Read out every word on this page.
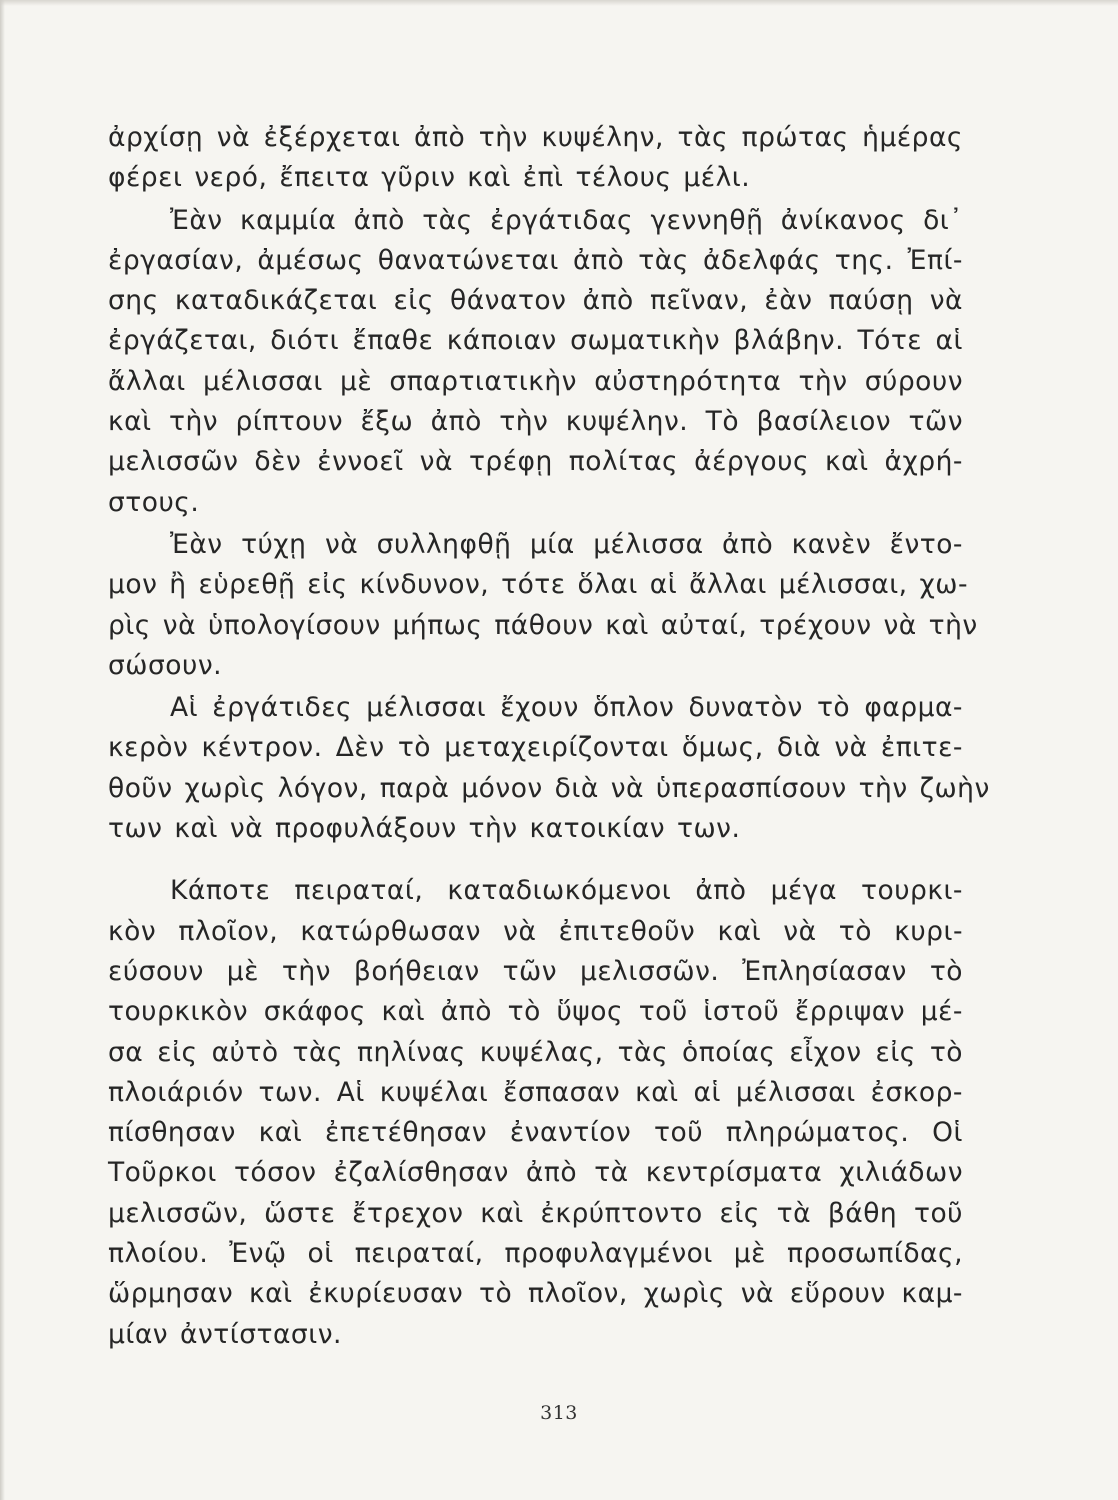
ἀρχίσῃ νὰ ἐξέρχεται ἀπὸ τὴν κυψέλην, τὰς πρώτας ἡμέρας
φέρει νερό, ἔπειτα γῦριν καὶ ἐπὶ τέλους μέλι.
Ἐὰν καμμία ἀπὸ τὰς ἐργάτιδας γεννηθῇ ἀνίκανος δι᾽
ἐργασίαν, ἀμέσως θανατώνεται ἀπὸ τὰς ἀδελφάς της. Ἐπί-
σης καταδικάζεται εἰς θάνατον ἀπὸ πεῖναν, ἐὰν παύσῃ νὰ
ἐργάζεται, διότι ἔπαθε κάποιαν σωματικὴν βλάβην. Τότε αἱ
ἄλλαι μέλισσαι μὲ σπαρτιατικὴν αὐστηρότητα τὴν σύρουν
καὶ τὴν ρίπτουν ἔξω ἀπὸ τὴν κυψέλην. Τὸ βασίλειον τῶν
μελισσῶν δὲν ἐννοεῖ νὰ τρέφῃ πολίτας ἀέργους καὶ ἀχρή-
στους.
Ἐὰν τύχῃ νὰ συλληφθῇ μία μέλισσα ἀπὸ κανὲν ἔντο-
μον ἢ εὑρεθῇ εἰς κίνδυνον, τότε ὅλαι αἱ ἄλλαι μέλισσαι, χω-
ρὶς νὰ ὑπολογίσουν μήπως πάθουν καὶ αὐταί, τρέχουν νὰ τὴν
σώσουν.
Αἱ ἐργάτιδες μέλισσαι ἔχουν ὅπλον δυνατὸν τὸ φαρμα-
κερὸν κέντρον. Δὲν τὸ μεταχειρίζονται ὅμως, διὰ νὰ ἐπιτε-
θοῦν χωρὶς λόγον, παρὰ μόνον διὰ νὰ ὑπερασπίσουν τὴν ζωὴν
των καὶ νὰ προφυλάξουν τὴν κατοικίαν των.
Κάποτε πειραταί, καταδιωκόμενοι ἀπὸ μέγα τουρκι-
κὸν πλοῖον, κατώρθωσαν νὰ ἐπιτεθοῦν καὶ νὰ τὸ κυρι-
εύσουν μὲ τὴν βοήθειαν τῶν μελισσῶν. Ἐπλησίασαν τὸ
τουρκικὸν σκάφος καὶ ἀπὸ τὸ ὕψος τοῦ ἱστοῦ ἔρριψαν μέ-
σα εἰς αὐτὸ τὰς πηλίνας κυψέλας, τὰς ὁποίας εἶχον εἰς τὸ
πλοιάριόν των. Αἱ κυψέλαι ἔσπασαν καὶ αἱ μέλισσαι ἐσκορ-
πίσθησαν καὶ ἐπετέθησαν ἐναντίον τοῦ πληρώματος. Οἱ
Τοῦρκοι τόσον ἐζαλίσθησαν ἀπὸ τὰ κεντρίσματα χιλιάδων
μελισσῶν, ὥστε ἔτρεχον καὶ ἐκρύπτοντο εἰς τὰ βάθη τοῦ
πλοίου. Ἐνῷ οἱ πειραταί, προφυλαγμένοι μὲ προσωπίδας,
ὥρμησαν καὶ ἐκυρίευσαν τὸ πλοῖον, χωρὶς νὰ εὕρουν καμ-
μίαν ἀντίστασιν.
313
